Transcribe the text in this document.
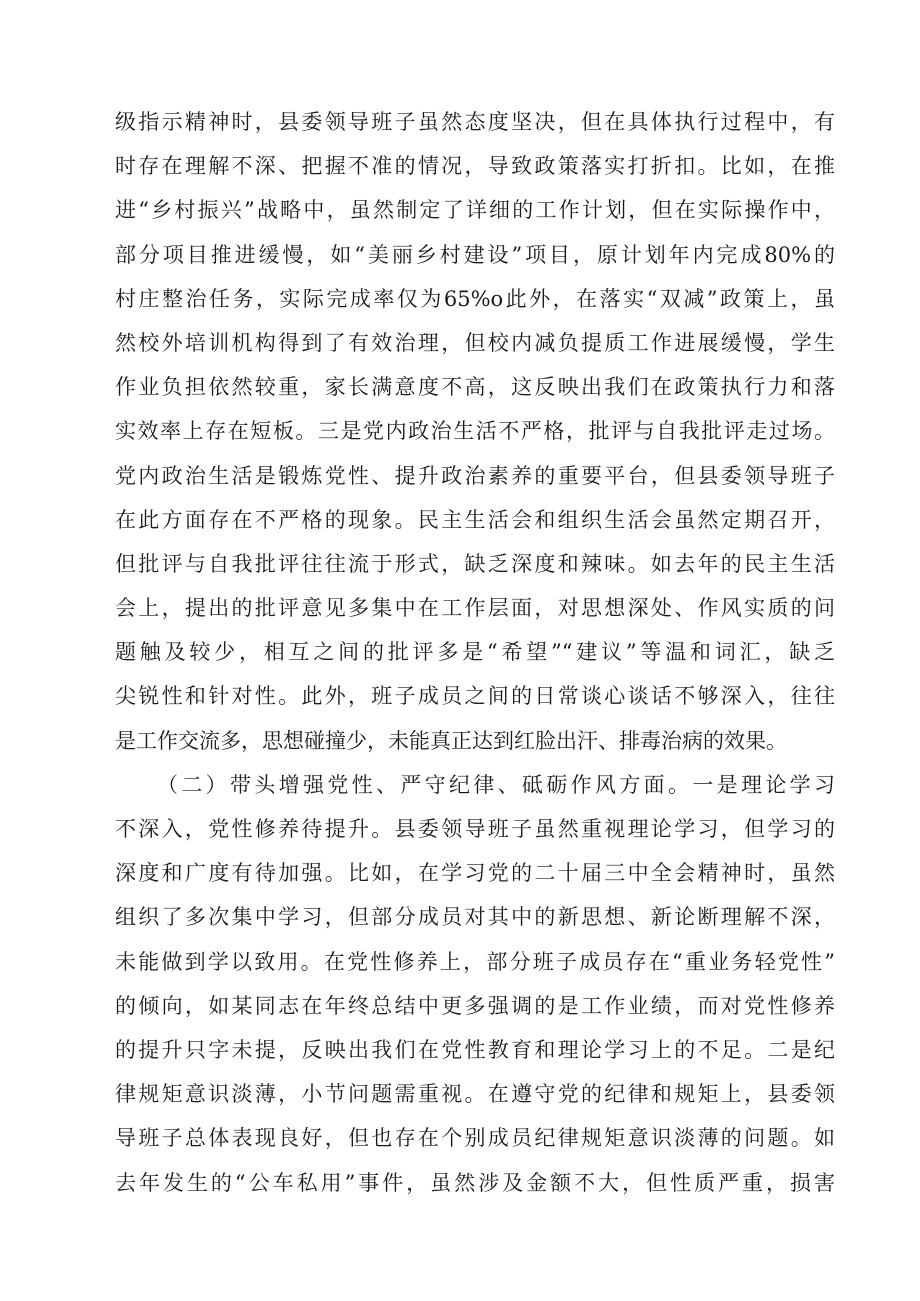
级指示精神时，县委领导班子虽然态度坚决，但在具体执行过程中，有
时存在理解不深、把握不准的情况，导致政策落实打折扣。比如，在推
进“乡村振兴”战略中，虽然制定了详细的工作计划，但在实际操作中，
部分项目推进缓慢，如“美丽乡村建设”项目，原计划年内完成80%的
村庄整治任务，实际完成率仅为65%o此外，在落实“双减”政策上，虽
然校外培训机构得到了有效治理，但校内减负提质工作进展缓慢，学生
作业负担依然较重，家长满意度不高，这反映出我们在政策执行力和落
实效率上存在短板。三是党内政治生活不严格，批评与自我批评走过场。
党内政治生活是锻炼党性、提升政治素养的重要平台，但县委领导班子
在此方面存在不严格的现象。民主生活会和组织生活会虽然定期召开，
但批评与自我批评往往流于形式，缺乏深度和辣味。如去年的民主生活
会上，提出的批评意见多集中在工作层面，对思想深处、作风实质的问
题触及较少，相互之间的批评多是“希望”“建议”等温和词汇，缺乏
尖锐性和针对性。此外，班子成员之间的日常谈心谈话不够深入，往往
是工作交流多，思想碰撞少，未能真正达到红脸出汗、排毒治病的效果。
（二）带头增强党性、严守纪律、砥砺作风方面。一是理论学习
不深入，党性修养待提升。县委领导班子虽然重视理论学习，但学习的
深度和广度有待加强。比如，在学习党的二十届三中全会精神时，虽然
组织了多次集中学习，但部分成员对其中的新思想、新论断理解不深，
未能做到学以致用。在党性修养上，部分班子成员存在“重业务轻党性”
的倾向，如某同志在年终总结中更多强调的是工作业绩，而对党性修养
的提升只字未提，反映出我们在党性教育和理论学习上的不足。二是纪
律规矩意识淡薄，小节问题需重视。在遵守党的纪律和规矩上，县委领
导班子总体表现良好，但也存在个别成员纪律规矩意识淡薄的问题。如
去年发生的“公车私用”事件，虽然涉及金额不大，但性质严重，损害
